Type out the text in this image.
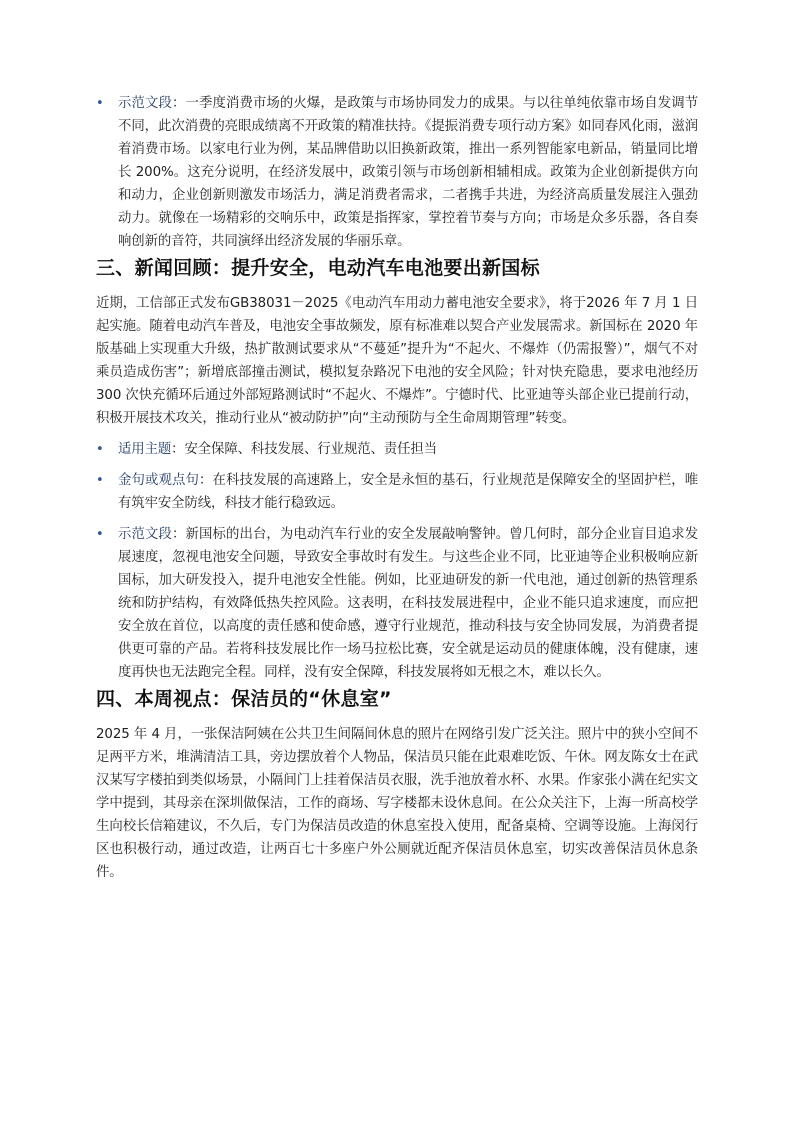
• 示范文段：一季度消费市场的火爆，是政策与市场协同发力的成果。与以往单纯依靠市场自发调节不同，此次消费的亮眼成绩离不开政策的精准扶持。《提振消费专项行动方案》如同春风化雨，滋润着消费市场。以家电行业为例，某品牌借助以旧换新政策，推出一系列智能家电新品，销量同比增长 200%。这充分说明，在经济发展中，政策引领与市场创新相辅相成。政策为企业创新提供方向和动力，企业创新则激发市场活力，满足消费者需求，二者携手共进，为经济高质量发展注入强劲动力。就像在一场精彩的交响乐中，政策是指挥家，掌控着节奏与方向；市场是众多乐器，各自奏响创新的音符，共同演绎出经济发展的华丽乐章。
三、新闻回顾：提升安全，电动汽车电池要出新国标

近期，工信部正式发布GB38031－2025《电动汽车用动力蓄电池安全要求》，将于2026 年 7 月 1 日起实施。随着电动汽车普及，电池安全事故频发，原有标准难以契合产业发展需求。新国标在 2020 年版基础上实现重大升级，热扩散测试要求从“不蔓延”提升为“不起火、不爆炸（仍需报警）”，烟气不对乘员造成伤害”；新增底部撞击测试，模拟复杂路况下电池的安全风险；针对快充隐患，要求电池经历 300 次快充循环后通过外部短路测试时“不起火、不爆炸”。宁德时代、比亚迪等头部企业已提前行动，积极开展技术攻关，推动行业从“被动防护”向“主动预防与全生命周期管理”转变。

• 适用主题：安全保障、科技发展、行业规范、责任担当
• 金句或观点句：在科技发展的高速路上，安全是永恒的基石，行业规范是保障安全的坚固护栏，唯有筑牢安全防线，科技才能行稳致远。
• 示范文段：新国标的出台，为电动汽车行业的安全发展敲响警钟。曾几何时，部分企业盲目追求发展速度，忽视电池安全问题，导致安全事故时有发生。与这些企业不同，比亚迪等企业积极响应新国标，加大研发投入，提升电池安全性能。例如，比亚迪研发的新一代电池，通过创新的热管理系统和防护结构，有效降低热失控风险。这表明，在科技发展进程中，企业不能只追求速度，而应把安全放在首位，以高度的责任感和使命感，遵守行业规范，推动科技与安全协同发展，为消费者提供更可靠的产品。若将科技发展比作一场马拉松比赛，安全就是运动员的健康体魄，没有健康，速度再快也无法跑完全程。同样，没有安全保障，科技发展将如无根之木，难以长久。
四、本周视点：保洁员的“休息室”

2025 年 4 月，一张保洁阿姨在公共卫生间隔间休息的照片在网络引发广泛关注。照片中的狭小空间不足两平方米，堆满清洁工具，旁边摆放着个人物品，保洁员只能在此艰难吃饭、午休。网友陈女士在武汉某写字楼拍到类似场景，小隔间门上挂着保洁员衣服，洗手池放着水杯、水果。作家张小满在纪实文学中提到，其母亲在深圳做保洁，工作的商场、写字楼都未设休息间。在公众关注下，上海一所高校学生向校长信箱建议，不久后，专门为保洁员改造的休息室投入使用，配备桌椅、空调等设施。上海闵行区也积极行动，通过改造，让两百七十多座户外公厕就近配齐保洁员休息室，切实改善保洁员休息条件。
